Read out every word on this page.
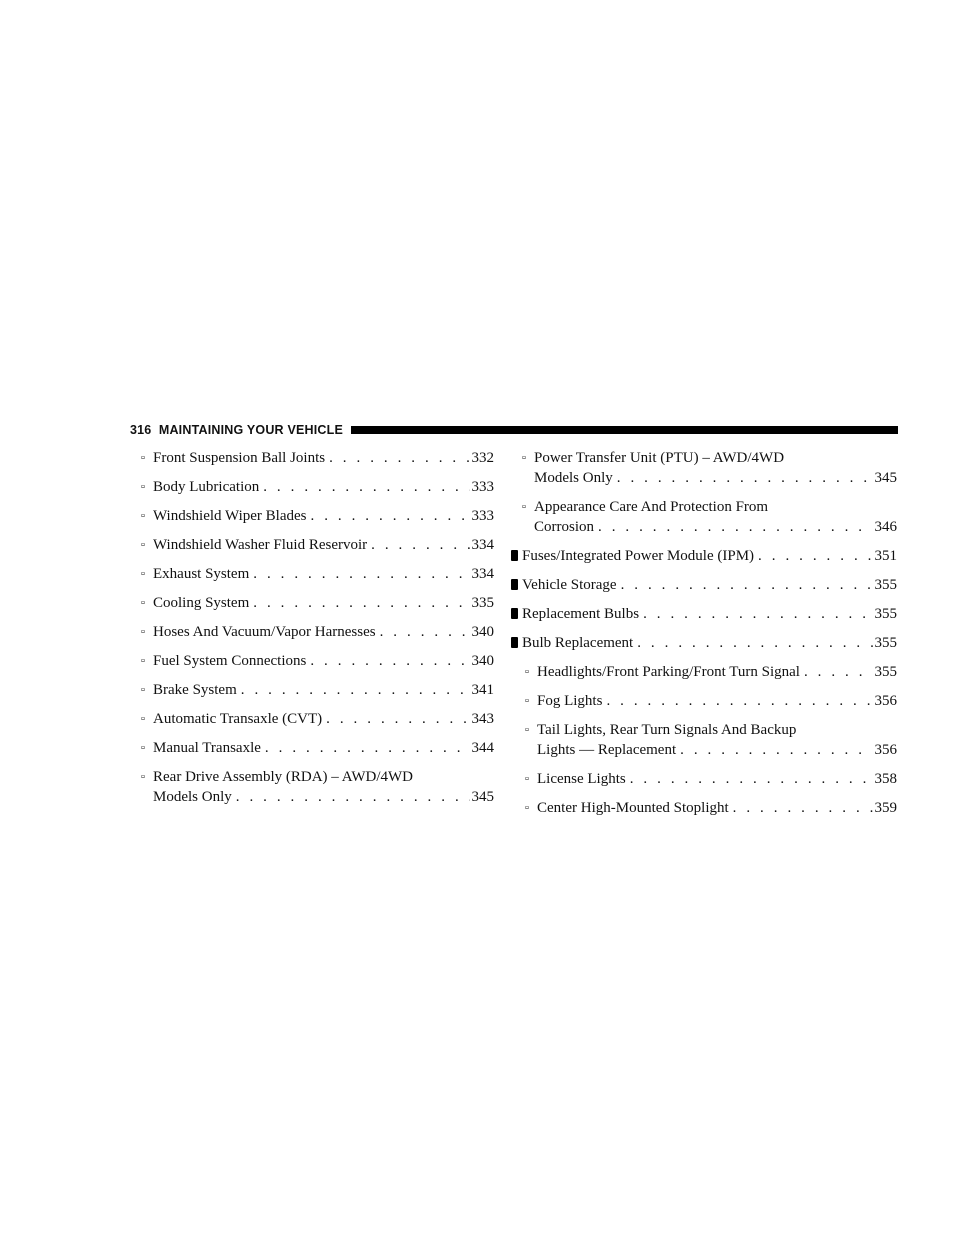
316 MAINTAINING YOUR VEHICLE
▫ Front Suspension Ball Joints . . .	332
▫ Body Lubrication . . .	333
▫ Windshield Wiper Blades . . .	333
▫ Windshield Washer Fluid Reservoir . . .	334
▫ Exhaust System . . .	334
▫ Cooling System . . .	335
▫ Hoses And Vacuum/Vapor Harnesses . . .	340
▫ Fuel System Connections . . .	340
▫ Brake System . . .	341
▫ Automatic Transaxle (CVT) . . .	343
▫ Manual Transaxle . . .	344
▫ Rear Drive Assembly (RDA) – AWD/4WD
Models Only . . .	345
▫ Power Transfer Unit (PTU) – AWD/4WD
Models Only . . .	345
▫ Appearance Care And Protection From
Corrosion . . .	346
Fuses/Integrated Power Module (IPM) . . .	351
Vehicle Storage . . .	355
Replacement Bulbs . . .	355
Bulb Replacement . . .	355
▫ Headlights/Front Parking/Front Turn Signal . . .	355
▫ Fog Lights . . .	356
▫ Tail Lights, Rear Turn Signals And Backup
Lights — Replacement . . .	356
▫ License Lights . . .	358
▫ Center High-Mounted Stoplight . . .	359
